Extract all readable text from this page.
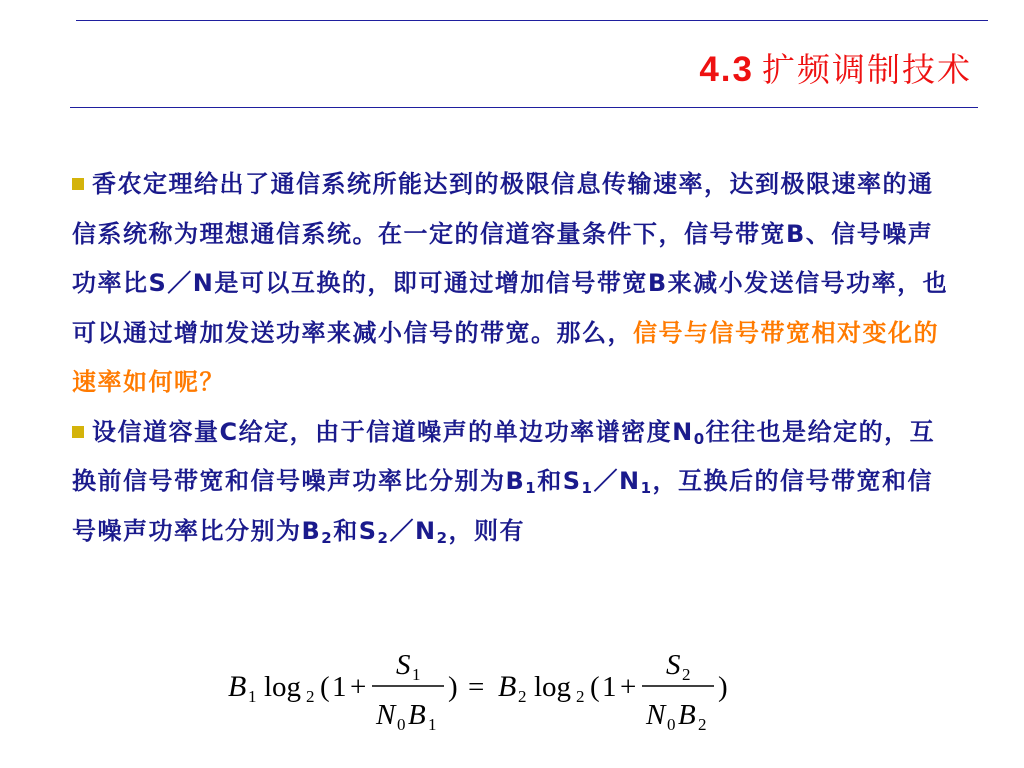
4.3 扩频调制技术

香农定理给出了通信系统所能达到的极限信息传输速率，达到极限速率的通信系统称为理想通信系统。在一定的信道容量条件下，信号带宽B、信号噪声功率比S／N是可以互换的，即可通过增加信号带宽B来减小发送信号功率，也可以通过增加发送功率来减小信号的带宽。那么，信号与信号带宽相对变化的速率如何呢？

设信道容量C给定，由于信道噪声的单边功率谱密度$N_0$往往也是给定的，互换前信号带宽和信号噪声功率比分别为$B_1$和$S_1/N_1$，互换后的信号带宽和信号噪声功率比分别为$B_2$和$S_2/N_2$，则有

B 1 log 2 ( 1 +
S 1
N 0 B 1
) = B 2 log 2 ( 1 +
S 2
N 0 B 2
)
